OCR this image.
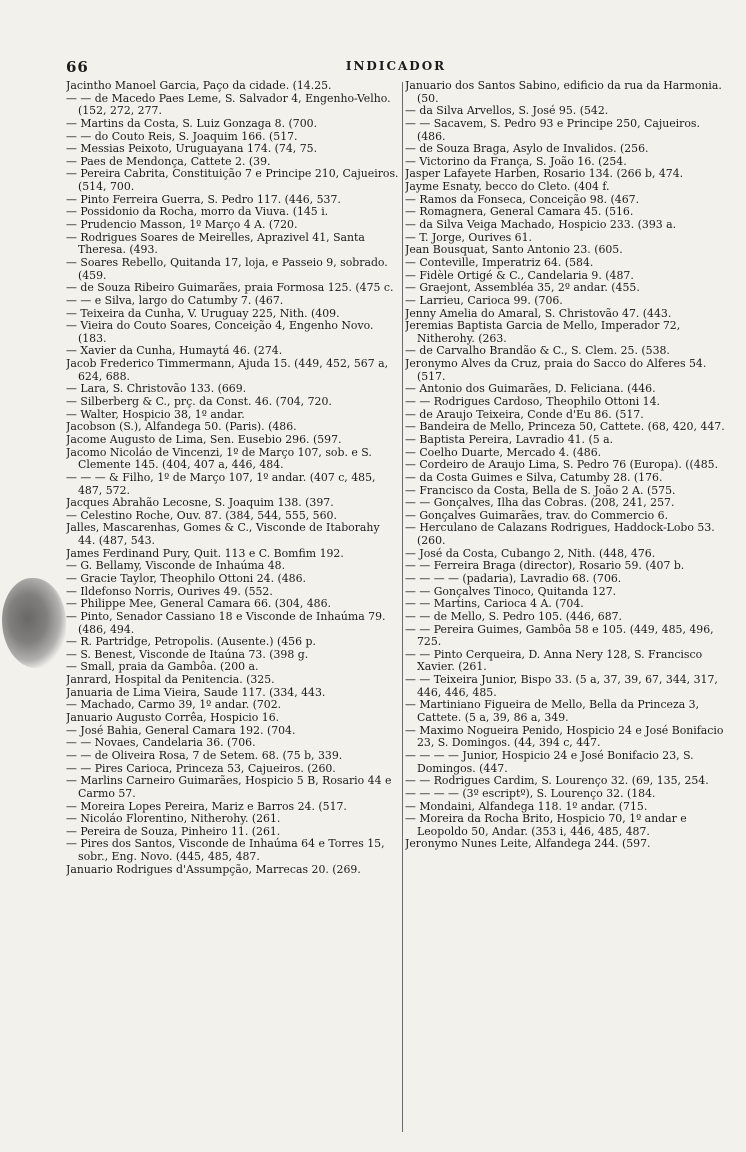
66	INDICADOR

Jacintho Manoel Garcia, Paço da cidade. (14.25.

— — de Macedo Paes Leme, S. Salvador 4, Engenho-Velho. (152, 272, 277.

— Martins da Costa, S. Luiz Gonzaga 8. (700.

— — do Couto Reis, S. Joaquim 166. (517.

— Messias Peixoto, Uruguayana 174. (74, 75.

— Paes de Mendonça, Cattete 2. (39.

— Pereira Cabrita, Constituição 7 e Principe 210, Cajueiros. (514, 700.

— Pinto Ferreira Guerra, S. Pedro 117. (446, 537.

— Possidonio da Rocha, morro da Viuva. (145 i.

— Prudencio Masson, 1º Março 4 A. (720.

— Rodrigues Soares de Meirelles, Aprazivel 41, Santa Theresa. (493.

— Soares Rebello, Quitanda 17, loja, e Passeio 9, sobrado. (459.

— de Souza Ribeiro Guimarães, praia Formosa 125. (475 c.

— — e Silva, largo do Catumby 7. (467.

— Teixeira da Cunha, V. Uruguay 225, Nith. (409.

— Vieira do Couto Soares, Conceição 4, Engenho Novo. (183.

— Xavier da Cunha, Humaytá 46. (274.

Jacob Frederico Timmermann, Ajuda 15. (449, 452, 567 a, 624, 688.

— Lara, S. Christovão 133. (669.

— Silberberg & C., prç. da Const. 46. (704, 720.

— Walter, Hospicio 38, 1º andar.

Jacobson (S.), Alfandega 50. (Paris). (486.

Jacome Augusto de Lima, Sen. Eusebio 296. (597.

Jacomo Nicoláo de Vincenzi, 1º de Março 107, sob. e S. Clemente 145. (404, 407 a, 446, 484.

— — — & Filho, 1º de Março 107, 1º andar. (407 c, 485, 487, 572.

Jacques Abrahão Lecosne, S. Joaquim 138. (397.

— Celestino Roche, Ouv. 87. (384, 544, 555, 560.

Jalles, Mascarenhas, Gomes & C., Visconde de Itaborahy 44. (487, 543.

James Ferdinand Pury, Quit. 113 e C. Bomfim 192.

— G. Bellamy, Visconde de Inhaúma 48.

— Gracie Taylor, Theophilo Ottoni 24. (486.

— Ildefonso Norris, Ourives 49. (552.

— Philippe Mee, General Camara 66. (304, 486.

— Pinto, Senador Cassiano 18 e Visconde de Inhaúma 79. (486, 494.

— R. Partridge, Petropolis. (Ausente.) (456 p.

— S. Benest, Visconde de Itaúna 73. (398 g.

— Small, praia da Gambôa. (200 a.

Janrard, Hospital da Penitencia. (325.

Januaria de Lima Vieira, Saude 117. (334, 443.

— Machado, Carmo 39, 1º andar. (702.

Januario Augusto Corrêa, Hospicio 16.

— José Bahia, General Camara 192. (704.

— — Novaes, Candelaria 36. (706.

— — de Oliveira Rosa, 7 de Setem. 68. (75 b, 339.

— — Pires Carioca, Princeza 53, Cajueiros. (260.

— Marlins Carneiro Guimarães, Hospicio 5 B, Rosario 44 e Carmo 57.

— Moreira Lopes Pereira, Mariz e Barros 24. (517.

— Nicoláo Florentino, Nitherohy. (261.

— Pereira de Souza, Pinheiro 11. (261.

— Pires dos Santos, Visconde de Inhaúma 64 e Torres 15, sobr., Eng. Novo. (445, 485, 487.

Januario Rodrigues d'Assumpção, Marrecas 20. (269.

Januario dos Santos Sabino, edificio da rua da Harmonia. (50.

— da Silva Arvellos, S. José 95. (542.

— — Sacavem, S. Pedro 93 e Principe 250, Cajueiros. (486.

— de Souza Braga, Asylo de Invalidos. (256.

— Victorino da França, S. João 16. (254.

Jasper Lafayete Harben, Rosario 134. (266 b, 474.

Jayme Esnaty, becco do Cleto. (404 f.

— Ramos da Fonseca, Conceição 98. (467.

— Romagnera, General Camara 45. (516.

— da Silva Veiga Machado, Hospicio 233. (393 a.

— T. Jorge, Ourives 61.

Jean Bousquat, Santo Antonio 23. (605.

— Conteville, Imperatriz 64. (584.

— Fidèle Ortigé & C., Candelaria 9. (487.

— Graejont, Assembléa 35, 2º andar. (455.

— Larrieu, Carioca 99. (706.

Jenny Amelia do Amaral, S. Christovão 47. (443.

Jeremias Baptista Garcia de Mello, Imperador 72, Nitherohy. (263.

— de Carvalho Brandão & C., S. Clem. 25. (538.

Jeronymo Alves da Cruz, praia do Sacco do Alferes 54. (517.

— Antonio dos Guimarães, D. Feliciana. (446.

— — Rodrigues Cardoso, Theophilo Ottoni 14.

— de Araujo Teixeira, Conde d'Eu 86. (517.

— Bandeira de Mello, Princeza 50, Cattete. (68, 420, 447.

— Baptista Pereira, Lavradio 41. (5 a.

— Coelho Duarte, Mercado 4. (486.

— Cordeiro de Araujo Lima, S. Pedro 76 (Europa). ((485.

— da Costa Guimes e Silva, Catumby 28. (176.

— Francisco da Costa, Bella de S. João 2 A. (575.

— — Gonçalves, Ilha das Cobras. (208, 241, 257.

— Gonçalves Guimarães, trav. do Commercio 6.

— Herculano de Calazans Rodrigues, Haddock-Lobo 53. (260.

— José da Costa, Cubango 2, Nith. (448, 476.

— — Ferreira Braga (director), Rosario 59. (407 b.

— — — — (padaria), Lavradio 68. (706.

— — Gonçalves Tinoco, Quitanda 127.

— — Martins, Carioca 4 A. (704.

— — de Mello, S. Pedro 105. (446, 687.

— — Pereira Guimes, Gambôa 58 e 105. (449, 485, 496, 725.

— — Pinto Cerqueira, D. Anna Nery 128, S. Francisco Xavier. (261.

— — Teixeira Junior, Bispo 33. (5 a, 37, 39, 67, 344, 317, 446, 446, 485.

— Martiniano Figueira de Mello, Bella da Princeza 3, Cattete. (5 a, 39, 86 a, 349.

— Maximo Nogueira Penido, Hospicio 24 e José Bonifacio 23, S. Domingos. (44, 394 c, 447.

— — — — Junior, Hospicio 24 e José Bonifacio 23, S. Domingos. (447.

— — Rodrigues Cardim, S. Lourenço 32. (69, 135, 254.

— — — — (3º escriptº), S. Lourenço 32. (184.

— Mondaini, Alfandega 118. 1º andar. (715.

— Moreira da Rocha Brito, Hospicio 70, 1º andar e Leopoldo 50, Andar. (353 i, 446, 485, 487.

Jeronymo Nunes Leite, Alfandega 244. (597.
